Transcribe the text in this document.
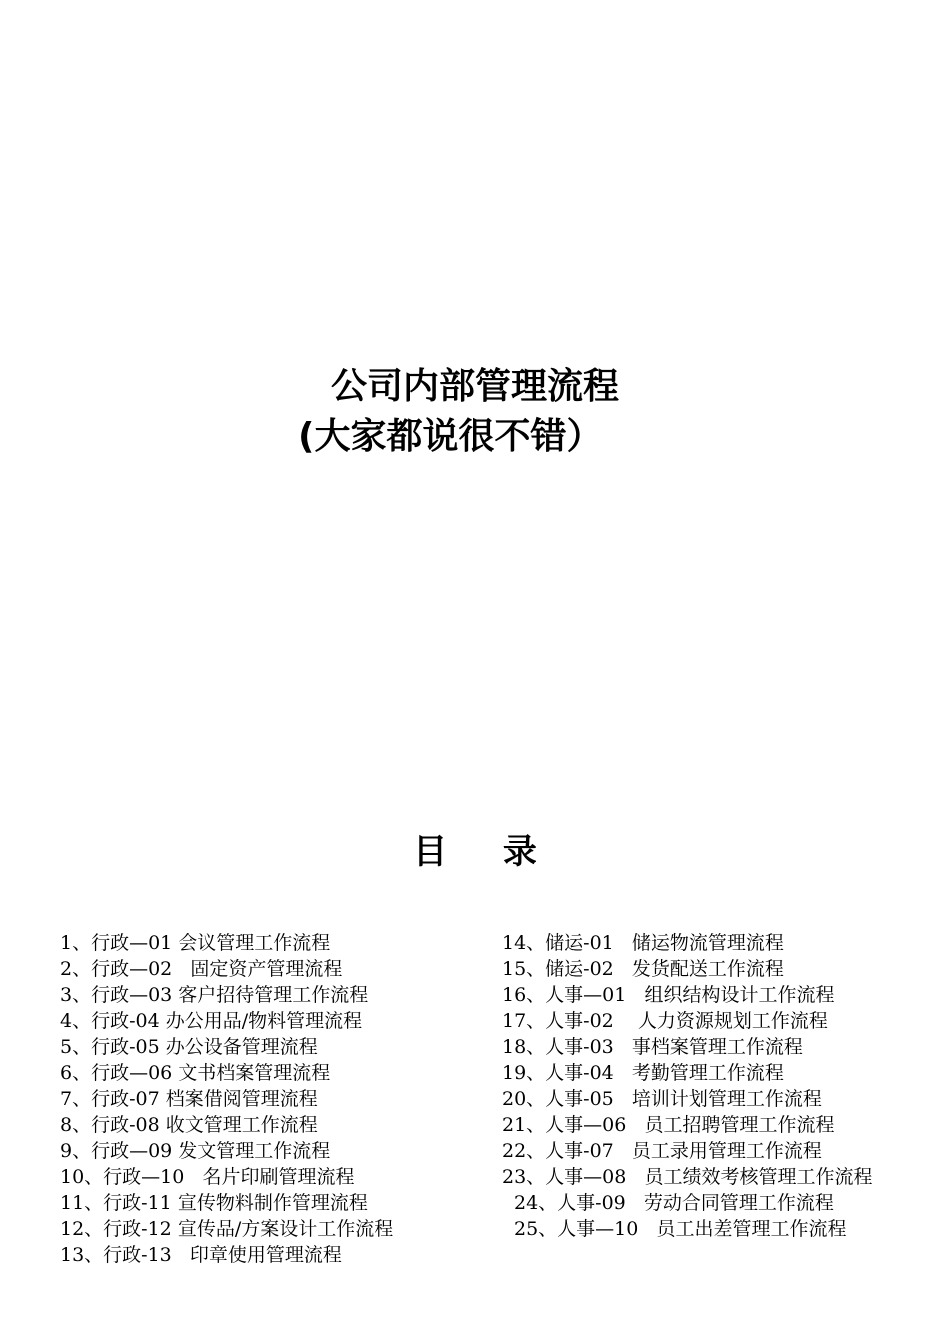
公司内部管理流程
(大家都说很不错）
目 录
1、行政—01 会议管理工作流程
2、行政—02   固定资产管理流程
3、行政—03 客户招待管理工作流程
4、行政-04 办公用品/物料管理流程
5、行政-05 办公设备管理流程
6、行政—06 文书档案管理流程
7、行政-07 档案借阅管理流程
8、行政-08 收文管理工作流程
9、行政—09 发文管理工作流程
10、行政—10   名片印刷管理流程
11、行政-11 宣传物料制作管理流程
12、行政-12 宣传品/方案设计工作流程
13、行政-13   印章使用管理流程
14、储运-01   储运物流管理流程
15、储运-02   发货配送工作流程
16、人事—01   组织结构设计工作流程
17、人事-02    人力资源规划工作流程
18、人事-03   事档案管理工作流程
19、人事-04   考勤管理工作流程
20、人事-05   培训计划管理工作流程
21、人事—06   员工招聘管理工作流程
22、人事-07   员工录用管理工作流程
23、人事—08   员工绩效考核管理工作流程
24、人事-09   劳动合同管理工作流程
25、人事—10   员工出差管理工作流程
